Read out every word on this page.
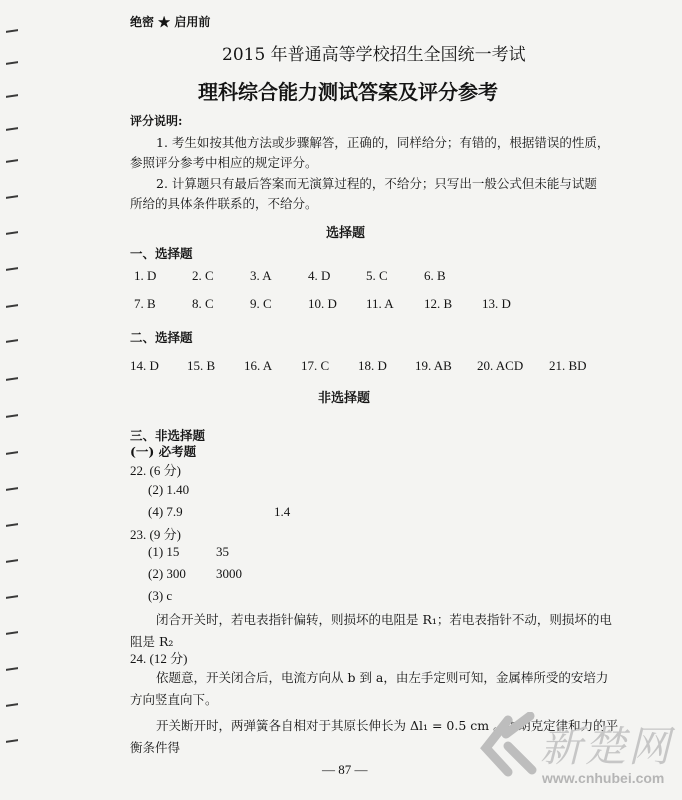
绝密 ★ 启用前
2015 年普通高等学校招生全国统一考试
理科综合能力测试答案及评分参考
评分说明:
1. 考生如按其他方法或步骤解答，正确的，同样给分；有错的，根据错误的性质，
参照评分参考中相应的规定评分。
2. 计算题只有最后答案而无演算过程的，不给分；只写出一般公式但未能与试题
所给的具体条件联系的，不给分。
选择题
一、选择题
1. D	2. C	3. A	4. D	5. C	6. B
7. B	8. C	9. C	10. D	11. A	12. B	13. D
二、选择题
14. D	15. B	16. A	17. C	18. D	19. AB	20. ACD	21. BD
非选择题
三、非选择题
(一) 必考题
22. (6 分)
(2) 1.40
(4) 7.9	1.4
23. (9 分)
(1) 15	35
(2) 300 3000
(3) c
闭合开关时，若电表指针偏转，则损坏的电阻是 R₁；若电表指针不动，则损坏的电
阻是 R₂
24. (12 分)
依题意，开关闭合后，电流方向从 b 到 a，由左手定则可知，金属棒所受的安培力
方向竖直向下。
开关断开时，两弹簧各自相对于其原长伸长为 Δl₁ = 0.5 cm 。由胡克定律和力的平
衡条件得
— 87 —	新楚网
www.cnhubei.com
